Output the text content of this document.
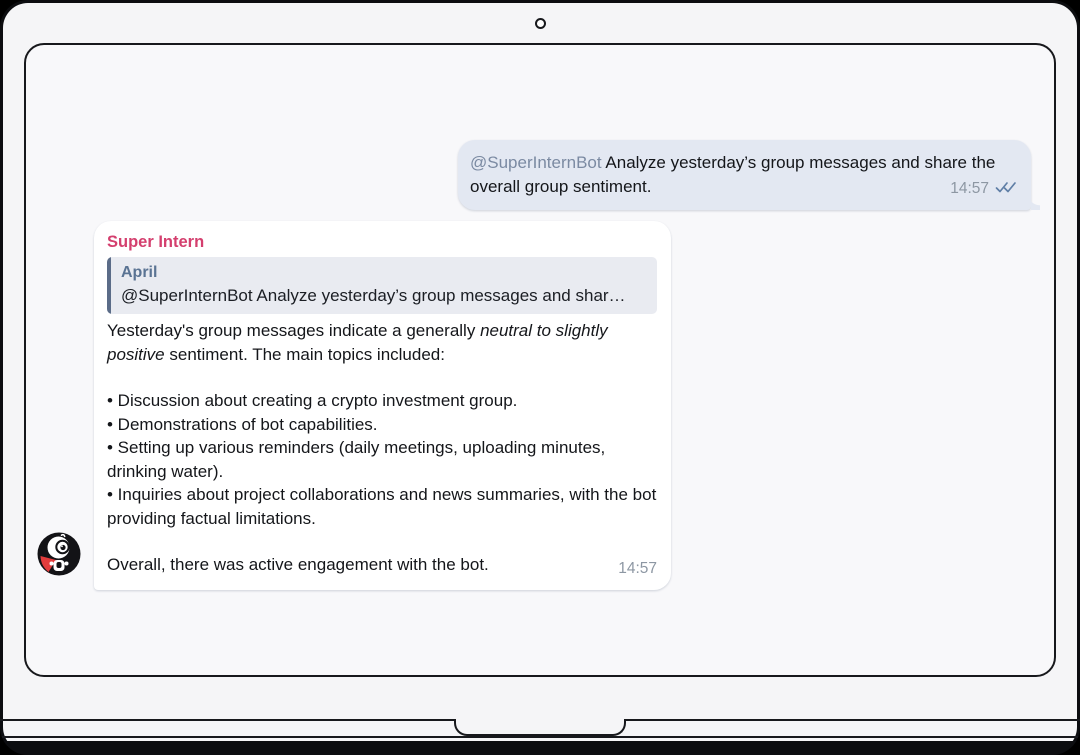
@SuperInternBot Analyze yesterday’s group messages and share the overall group sentiment.	14:57
Super Intern
April
@SuperInternBot Analyze yesterday’s group messages and shar…
Yesterday's group messages indicate a generally neutral to slightly positive sentiment. The main topics included:
• Discussion about creating a crypto investment group.
• Demonstrations of bot capabilities.
• Setting up various reminders (daily meetings, uploading minutes, drinking water).
• Inquiries about project collaborations and news summaries, with the bot providing factual limitations.
Overall, there was active engagement with the bot.	14:57
